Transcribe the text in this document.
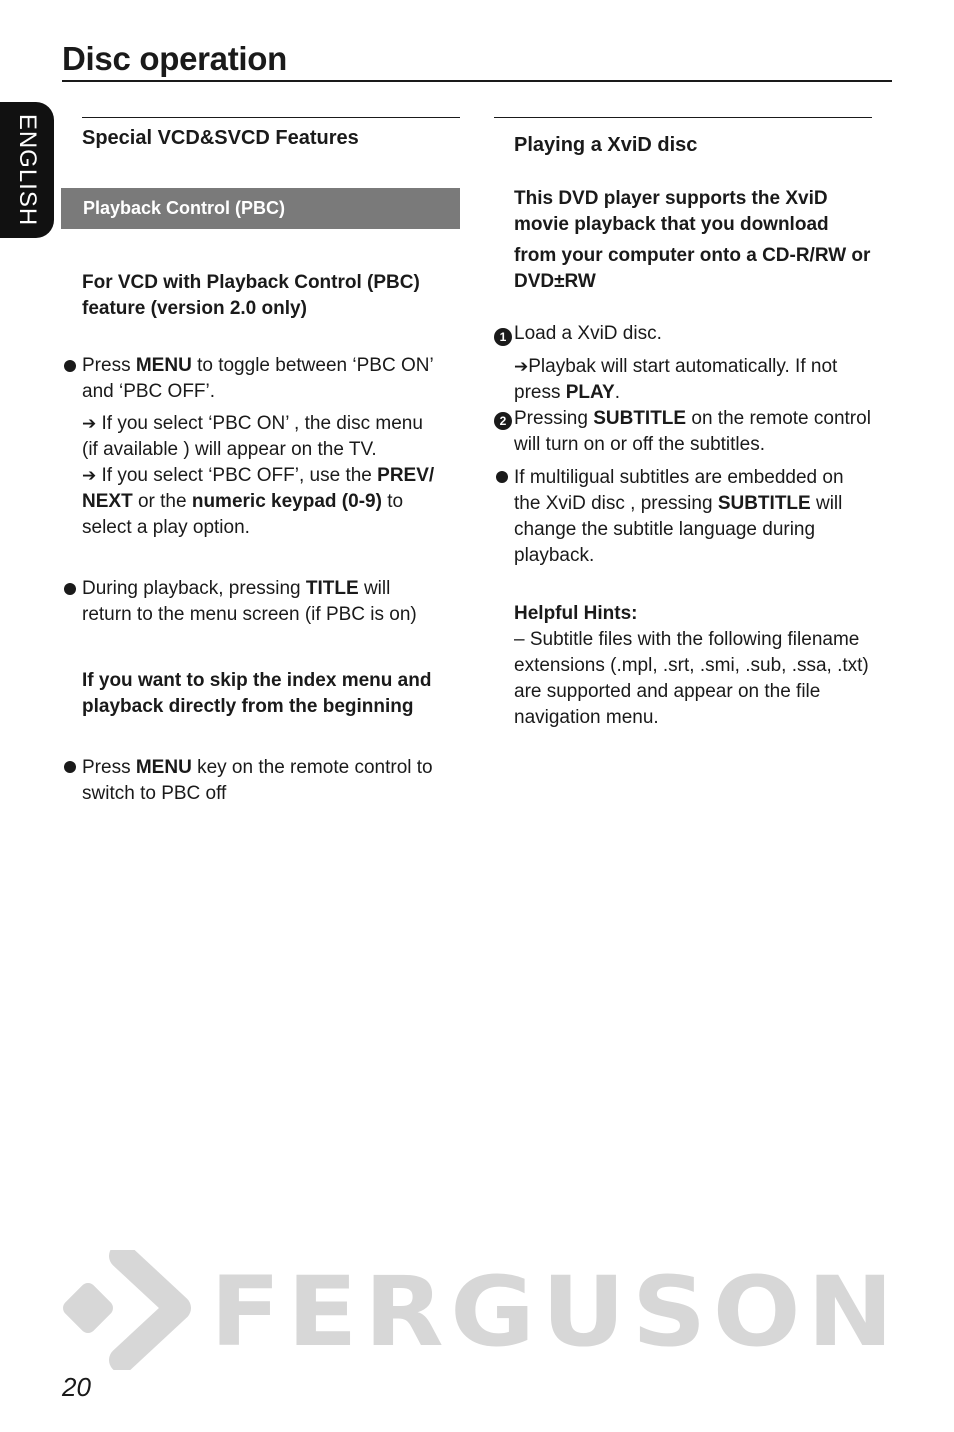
Disc operation
ENGLISH Special VCD&SVCD Features
Playback Control (PBC)
For VCD with Playback Control (PBC) feature (version 2.0 only)
Press MENU to toggle between ‘PBC ON’
and ‘PBC OFF’.
➔ If you select ‘PBC ON’ , the disc menu
(if available ) will appear on the TV.
➔ If you select ‘PBC OFF’, use the PREV/
NEXT or the numeric keypad (0-9) to
select a play option.
During playback, pressing TITLE will
return to the menu screen (if PBC is on)
If you want to skip the index menu and playback directly from the beginning
Press MENU key on the remote control to
switch to PBC off
Playing a XviD disc
This DVD player supports the XviD movie playback that you download
from your computer onto a CD-R/RW or DVD±RW
1 Load a XviD disc.
➔Playbak will start automatically. If not
press PLAY.
2 Pressing SUBTITLE on the remote control
will turn on or off the subtitles.
If multiligual subtitles are embedded on
the XviD disc , pressing SUBTITLE will
change the subtitle language during
playback.
Helpful Hints:
– Subtitle files with the following filename
extensions (.mpl, .srt, .smi, .sub, .ssa, .txt)
are supported and appear on the file
navigation menu.
FERGUSON
20
